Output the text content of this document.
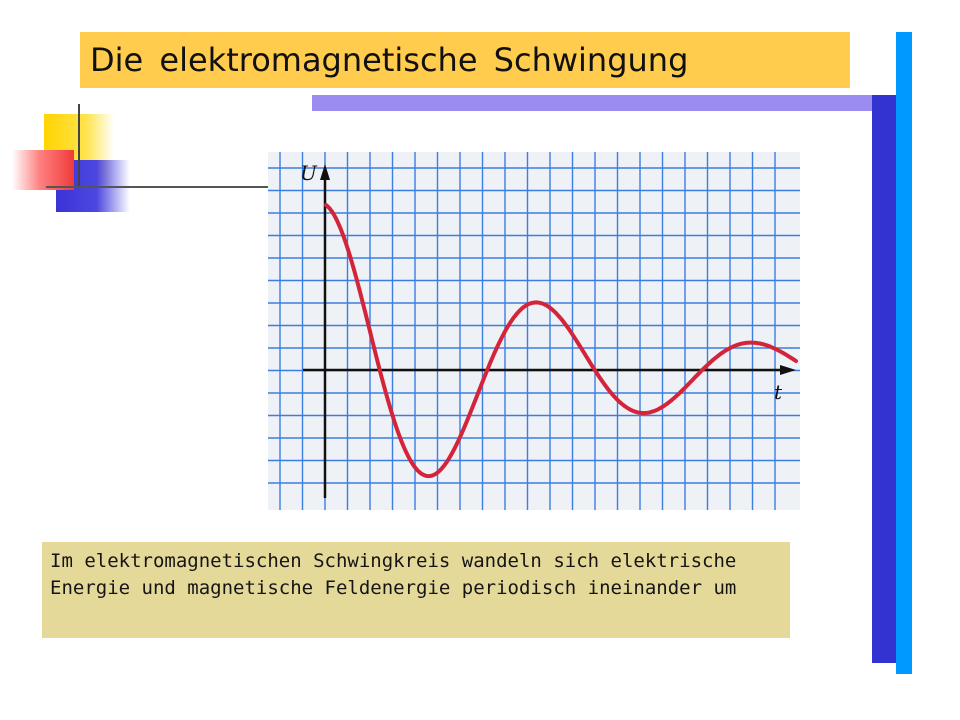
Die elektromagnetische Schwingung
U
t
Im elektromagnetischen Schwingkreis wandeln sich elektrische Energie und magnetische Feldenergie periodisch ineinander um
